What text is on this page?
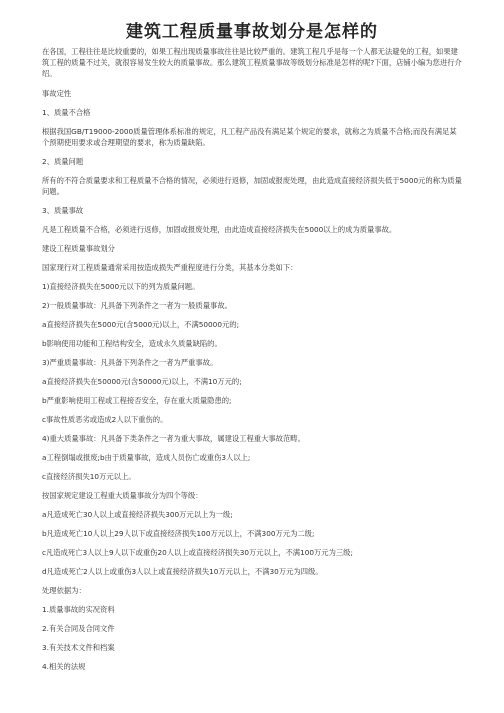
建筑工程质量事故划分是怎样的

在各国，工程往往是比较重要的，如果工程出现质量事故往往是比较严重的。建筑工程几乎是每一个人都无法避免的工程，如果建筑工程的质量不过关，就很容易发生较大的质量事故。那么建筑工程质量事故等级划分标准是怎样的呢?下面，店铺小编为您进行介绍。

事故定性

1、质量不合格

根据我国GB/T19000-2000质量管理体系标准的规定，凡工程产品没有满足某个规定的要求，就称之为质量不合格;而没有满足某个预期使用要求或合理期望的要求，称为质量缺陷。

2、质量问题

所有的不符合质量要求和工程质量不合格的情况，必须进行返修，加固或报废处理，由此造成直接经济损失低于5000元的称为质量问题。

3、质量事故

凡是工程质量不合格，必须进行返修，加固或报废处理，由此造成直接经济损失在5000以上的成为质量事故。

建设工程质量事故划分

国家现行对工程质量通常采用按造成损失严重程度进行分类，其基本分类如下：

1)直接经济损失在5000元以下的列为质量问题。

2)一般质量事故：凡具备下列条件之一者为一般质量事故。

a直接经济损失在5000元(含5000元)以上，不满50000元的;

b影响使用功能和工程结构安全，造成永久质量缺陷的。

3)严重质量事故：凡具备下列条件之一者为严重事故。

a直接经济损失在50000元(含50000元)以上，不满10万元的;

b严重影响使用工程或工程接否安全，存在重大质量隐患的;

c事故性质恶劣或造成2人以下重伤的。

4)重大质量事故：凡具备下类条件之一者为重大事故，属建设工程重大事故范畴。

a工程倒塌或报废;b由于质量事故，造成人员伤亡或重伤3人以上;

c直接经济损失10万元以上。

按国家规定建设工程重大质量事故分为四个等级：

a凡造成死亡30人以上或直接经济损失300万元以上为一级;

b凡造成死亡10人以上29人以下或直接经济损失100万元以上，不满300万元为二级;

c凡造成死亡3人以上9人以下或重伤20人以上或直接经济损失30万元以上，不满100万元为三级;

d凡造成死亡2人以上或重伤3人以上或直接经济损失10万元以上，不满30万元为四级。

处理依据为：

1.质量事故的实况资料

2.有关合同及合同文件

3.有关技术文件和档案

4.相关的法规
